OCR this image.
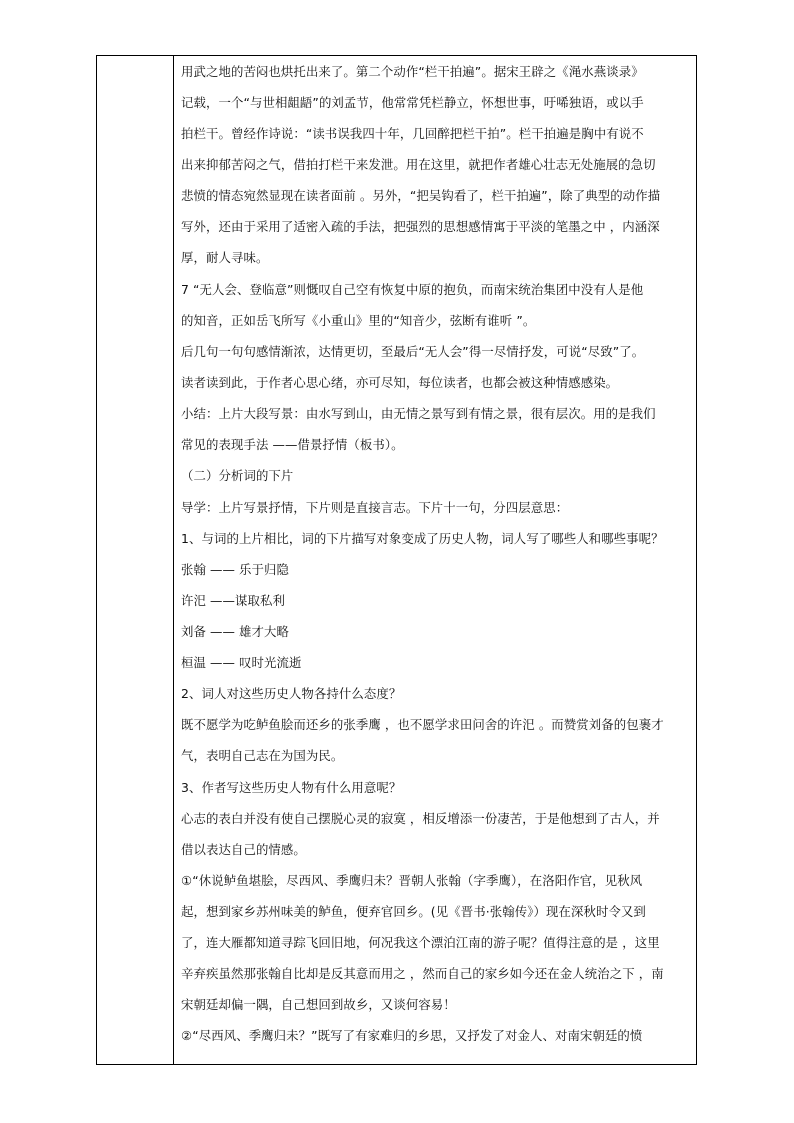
用武之地的苦闷也烘托出来了。第二个动作“栏干拍遍”。据宋王辟之《渑水燕谈录》
记载，一个“与世相龃龉”的刘孟节，他常常凭栏静立，怀想世事，吁唏独语，或以手
拍栏干。曾经作诗说：“读书误我四十年，几回醉把栏干拍”。栏干拍遍是胸中有说不
出来抑郁苦闷之气，借拍打栏干来发泄。用在这里，就把作者雄心壮志无处施展的急切
悲愤的情态宛然显现在读者面前 。另外，“把吴钩看了，栏干拍遍”，除了典型的动作描
写外，还由于采用了适密入疏的手法，把强烈的思想感情寓于平淡的笔墨之中 ，内涵深
厚，耐人寻味。
7 “无人会、登临意”则慨叹自己空有恢复中原的抱负，而南宋统治集团中没有人是他
的知音，正如岳飞所写《小重山》里的“知音少，弦断有谁听 ”。
后几句一句句感情渐浓，达情更切，至最后“无人会”得一尽情抒发，可说“尽致”了。
读者读到此，于作者心思心绪，亦可尽知，每位读者，也都会被这种情感感染。
小结：上片大段写景：由水写到山，由无情之景写到有情之景，很有层次。用的是我们
常见的表现手法 ——借景抒情（板书）。
（二）分析词的下片
导学：上片写景抒情，下片则是直接言志。下片十一句，分四层意思：
1、与词的上片相比，词的下片描写对象变成了历史人物，词人写了哪些人和哪些事呢？
张翰 —— 乐于归隐
许汜 ——谋取私利
刘备 —— 雄才大略
桓温 —— 叹时光流逝
2、词人对这些历史人物各持什么态度？
既不愿学为吃鲈鱼脍而还乡的张季鹰 ，也不愿学求田问舍的许汜 。而赞赏刘备的包裹才
气，表明自己志在为国为民。
3、作者写这些历史人物有什么用意呢？
心志的表白并没有使自己摆脱心灵的寂寞 ，相反增添一份凄苦，于是他想到了古人，并
借以表达自己的情感。
①“休说鲈鱼堪脍，尽西风、季鹰归未？晋朝人张翰（字季鹰），在洛阳作官，见秋风
起，想到家乡苏州味美的鲈鱼，便弃官回乡。(见《晋书·张翰传》）现在深秋时令又到
了，连大雁都知道寻踪飞回旧地，何况我这个漂泊江南的游子呢？值得注意的是 ，这里
辛弃疾虽然那张翰自比却是反其意而用之 ，然而自己的家乡如今还在金人统治之下 ，南
宋朝廷却偏一隅，自己想回到故乡，又谈何容易！
②“尽西风、季鹰归未？”既写了有家难归的乡思，又抒发了对金人、对南宋朝廷的愤
